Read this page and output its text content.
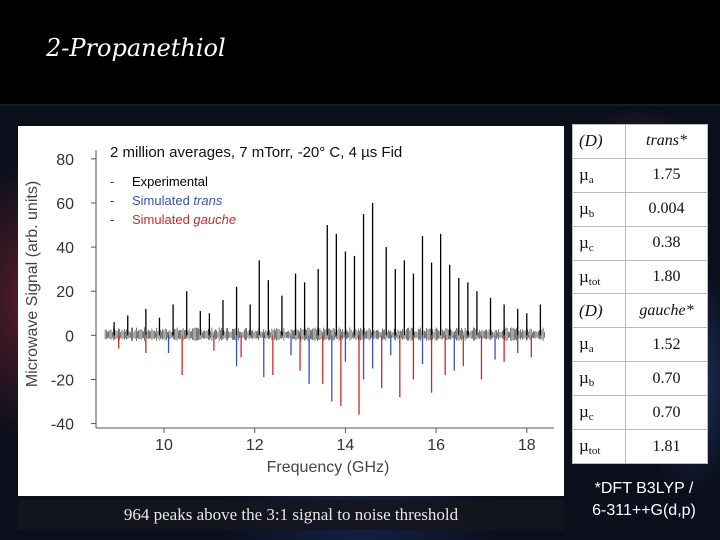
2-Propanethiol
80
60
40
20
0
-20
-40
10	12	14	16	18
2 million averages, 7 mTorr, -20° C, 4 µs Fid
Frequency (GHz)
Microwave Signal (arb. units)	- Experimental
- Simulated trans
- Simulated gauche
964 peaks above the 3:1 signal to noise threshold
(D)	trans*
µ$_a$	1.75
µ$_b$	0.004
µ$_c$	0.38
µ$_{tot}$	1.80
(D)	gauche*
µ$_a$	1.52
µ$_b$	0.70
µ$_c$	0.70
µ$_{tot}$	1.81
*DFT B3LYP /
6-311++G(d,p)
